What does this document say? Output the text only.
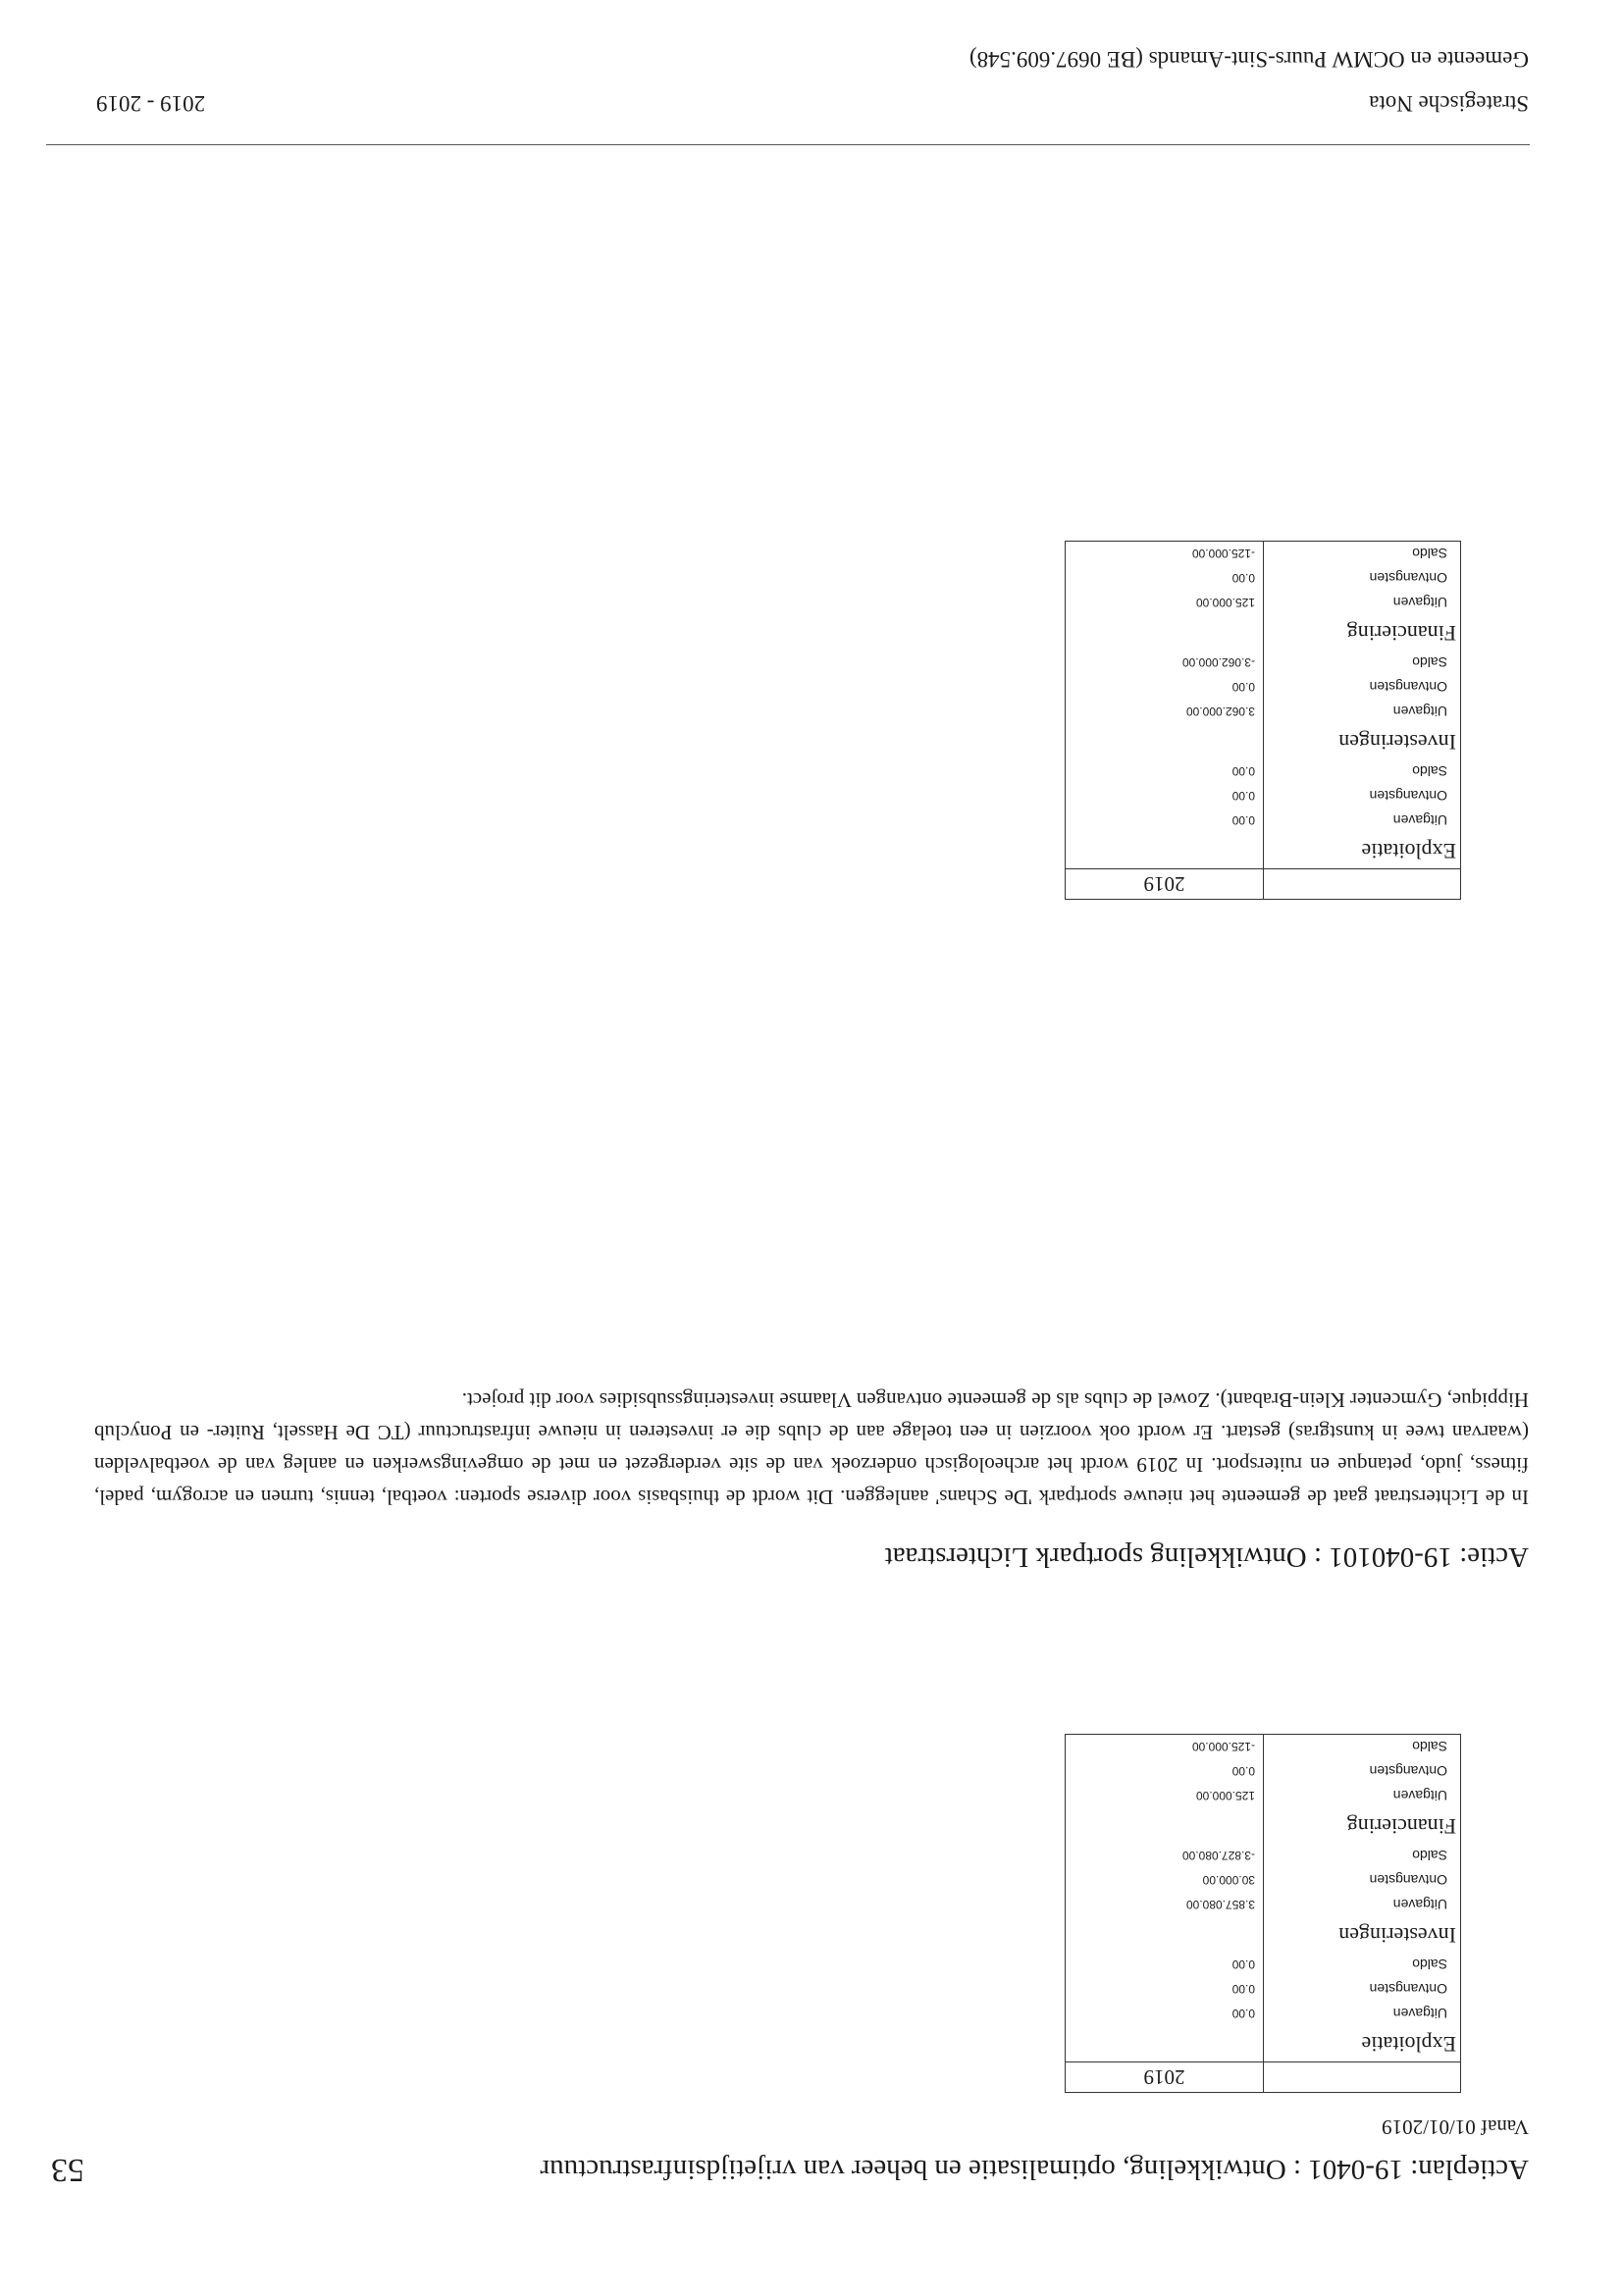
Strategische Nota
2019 - 2019
Gemeente en OCMW Puurs-Sint-Amands (BE 0697.609.548)
53	Actieplan: 19-0401 : Ontwikkeling, optimalisatie en beheer van vrijetijdsinfrastructuur
Vanaf 01/01/2019
	2019
Exploitatie	
Uitgaven	0.00
Ontvangsten	0.00
Saldo	0.00
Investeringen	
Uitgaven	3.857.080.00
Ontvangsten	30.000.00
Saldo	-3.827.080.00
Financiering	
Uitgaven	125.000.00
Ontvangsten	0.00
Saldo	-125.000.00
Actie: 19-040101 : Ontwikkeling sportpark Lichterstraat
In de Lichterstraat gaat de gemeente het nieuwe sportpark 'De Schans' aanleggen. Dit wordt de thuisbasis voor diverse sporten: voetbal, tennis, turnen en acrogym, padel, fitness, judo, petanque en ruitersport. In 2019 wordt het archeologisch onderzoek van de site verdergezet en met de omgevingswerken en aanleg van de voetbalvelden (waarvan twee in kunstgras) gestart. Er wordt ook voorzien in een toelage aan de clubs die er investeren in nieuwe infrastructuur (TC De Hasselt, Ruiter- en Ponyclub Hippique, Gymcenter Klein-Brabant). Zowel de clubs als de gemeente ontvangen Vlaamse investeringssubsidies voor dit project.
	2019
Exploitatie	
Uitgaven	0.00
Ontvangsten	0.00
Saldo	0.00
Investeringen	
Uitgaven	3.062.000.00
Ontvangsten	0.00
Saldo	-3.062.000.00
Financiering	
Uitgaven	125.000.00
Ontvangsten	0.00
Saldo	-125.000.00
